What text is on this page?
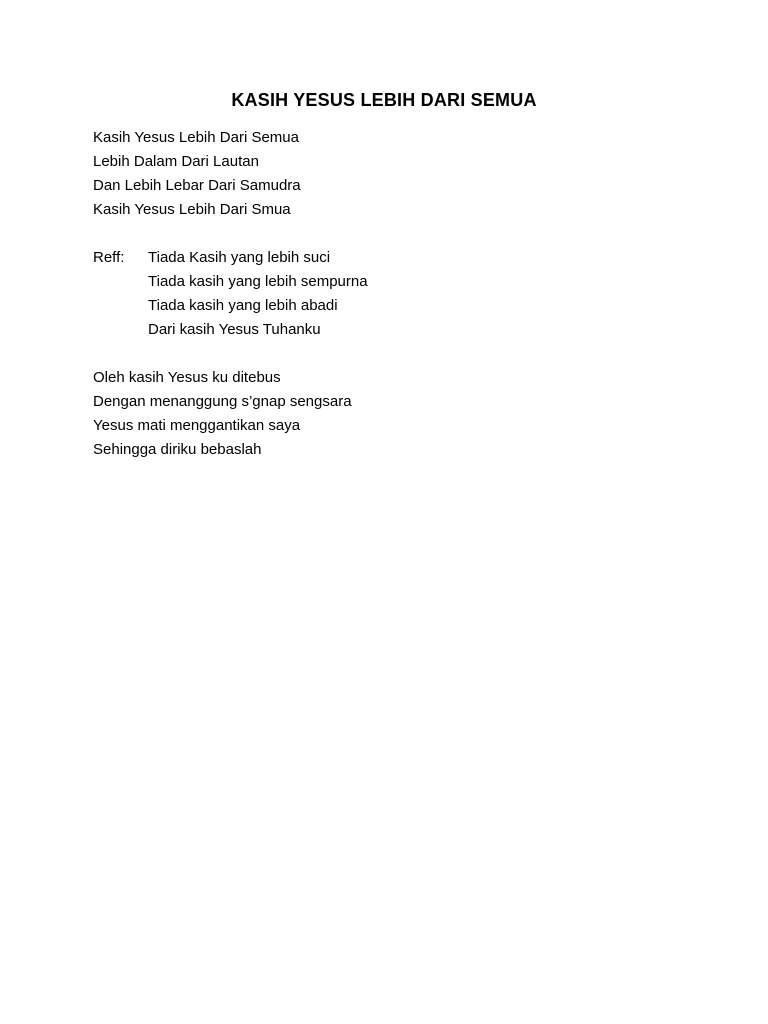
KASIH YESUS LEBIH DARI SEMUA
Kasih Yesus Lebih Dari Semua
Lebih Dalam Dari Lautan
Dan Lebih Lebar Dari Samudra
Kasih Yesus Lebih Dari Smua
Reff:	Tiada Kasih yang lebih suci
Tiada kasih yang lebih sempurna
Tiada kasih yang lebih abadi
Dari kasih Yesus Tuhanku
Oleh kasih Yesus ku ditebus
Dengan menanggung s’gnap sengsara
Yesus mati menggantikan saya
Sehingga diriku bebaslah
